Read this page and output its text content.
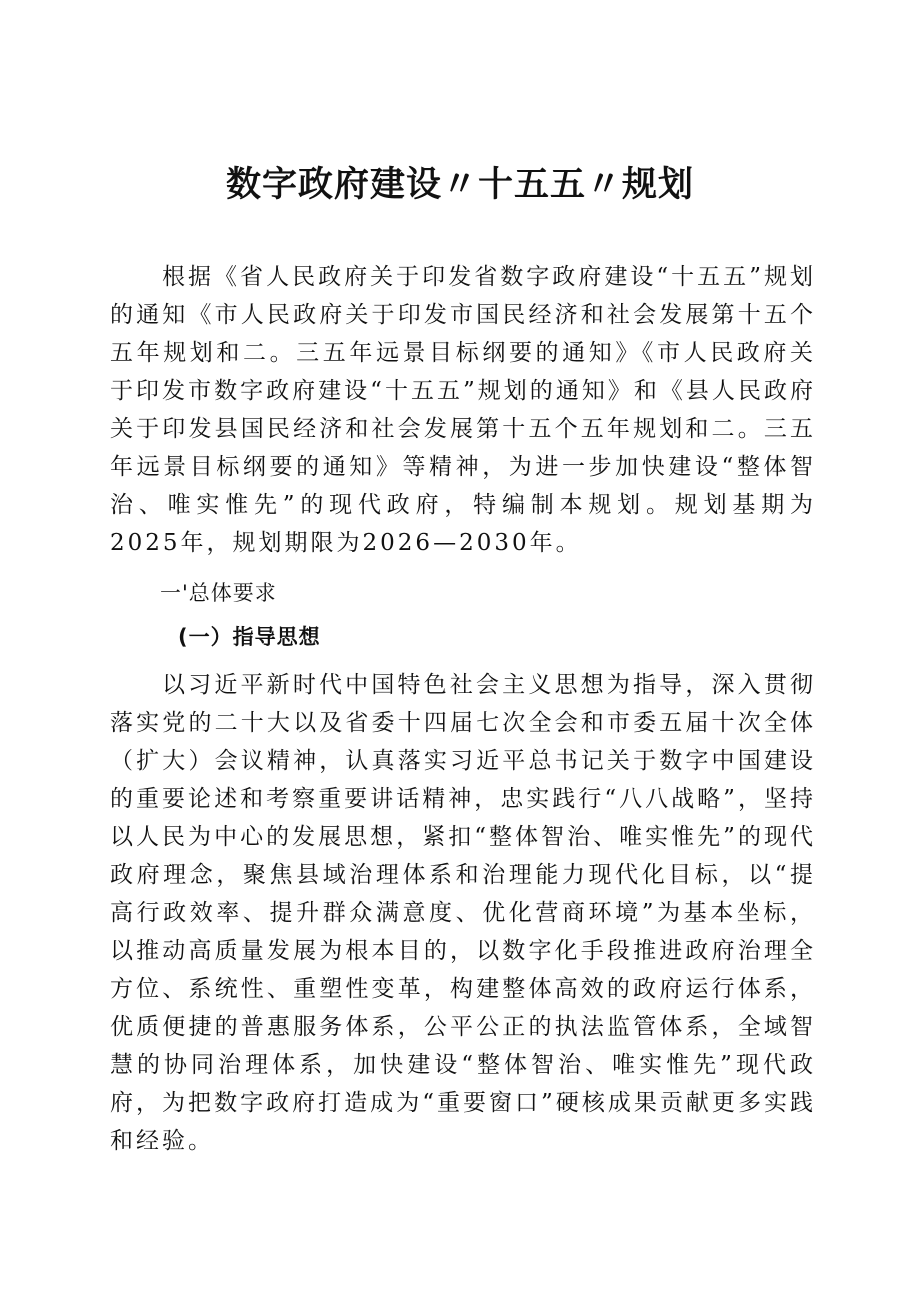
数字政府建设〃十五五〃规划

根据《省人民政府关于印发省数字政府建设“十五五”规划的通知《市人民政府关于印发市国民经济和社会发展第十五个五年规划和二。三五年远景目标纲要的通知》《市人民政府关于印发市数字政府建设“十五五”规划的通知》和《县人民政府关于印发县国民经济和社会发展第十五个五年规划和二。三五年远景目标纲要的通知》等精神，为进一步加快建设“整体智治、唯实惟先”的现代政府，特编制本规划。规划基期为2025年，规划期限为2026—2030年。

一'总体要求
(一）指导思想

以习近平新时代中国特色社会主义思想为指导，深入贯彻落实党的二十大以及省委十四届七次全会和市委五届十次全体（扩大）会议精神，认真落实习近平总书记关于数字中国建设的重要论述和考察重要讲话精神，忠实践行“八八战略”，坚持以人民为中心的发展思想，紧扣“整体智治、唯实惟先”的现代政府理念，聚焦县域治理体系和治理能力现代化目标，以“提高行政效率、提升群众满意度、优化营商环境”为基本坐标，以推动高质量发展为根本目的，以数字化手段推进政府治理全方位、系统性、重塑性变革，构建整体高效的政府运行体系，优质便捷的普惠服务体系，公平公正的执法监管体系，全域智慧的协同治理体系，加快建设“整体智治、唯实惟先”现代政府，为把数字政府打造成为“重要窗口”硬核成果贡献更多实践和经验。
